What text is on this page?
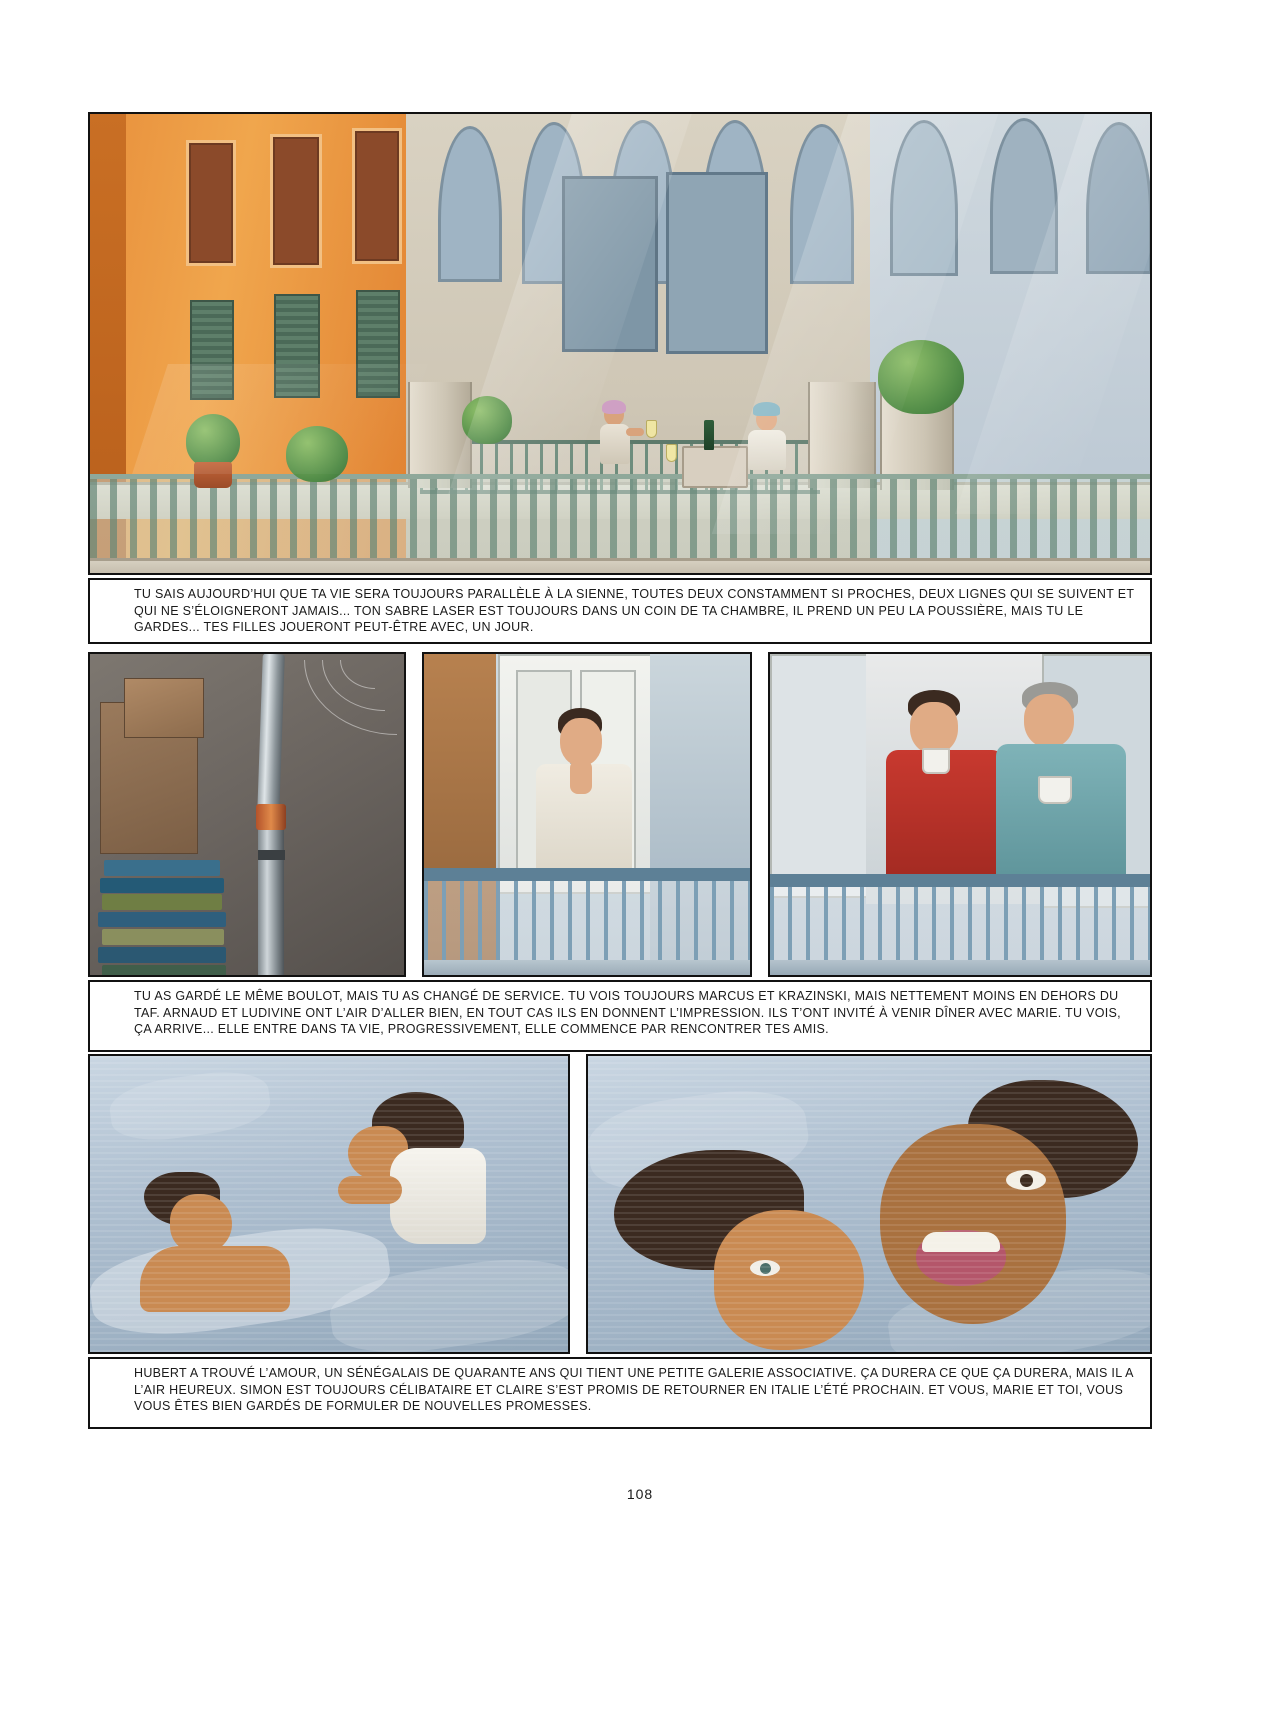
TU SAIS AUJOURD’HUI QUE TA VIE SERA TOUJOURS PARALLÈLE À LA SIENNE, TOUTES DEUX CONSTAMMENT SI PROCHES, DEUX LIGNES QUI SE SUIVENT ET QUI NE S’ÉLOIGNERONT JAMAIS... TON SABRE LASER EST TOUJOURS DANS UN COIN DE TA CHAMBRE, IL PREND UN PEU LA POUSSIÈRE, MAIS TU LE GARDES... TES FILLES JOUERONT PEUT-ÊTRE AVEC, UN JOUR.
TU AS GARDÉ LE MÊME BOULOT, MAIS TU AS CHANGÉ DE SERVICE. TU VOIS TOUJOURS MARCUS ET KRAZINSKI, MAIS NETTEMENT MOINS EN DEHORS DU TAF. ARNAUD ET LUDIVINE ONT L’AIR D’ALLER BIEN, EN TOUT CAS ILS EN DONNENT L’IMPRESSION. ILS T’ONT INVITÉ À VENIR DÎNER AVEC MARIE. TU VOIS, ÇA ARRIVE... ELLE ENTRE DANS TA VIE, PROGRESSIVEMENT, ELLE COMMENCE PAR RENCONTRER TES AMIS.
HUBERT A TROUVÉ L’AMOUR, UN SÉNÉGALAIS DE QUARANTE ANS QUI TIENT UNE PETITE GALERIE ASSOCIATIVE. ÇA DURERA CE QUE ÇA DURERA, MAIS IL A L’AIR HEUREUX. SIMON EST TOUJOURS CÉLIBATAIRE ET CLAIRE S’EST PROMIS DE RETOURNER EN ITALIE L’ÉTÉ PROCHAIN. ET VOUS, MARIE ET TOI, VOUS VOUS ÊTES BIEN GARDÉS DE FORMULER DE NOUVELLES PROMESSES.
108
